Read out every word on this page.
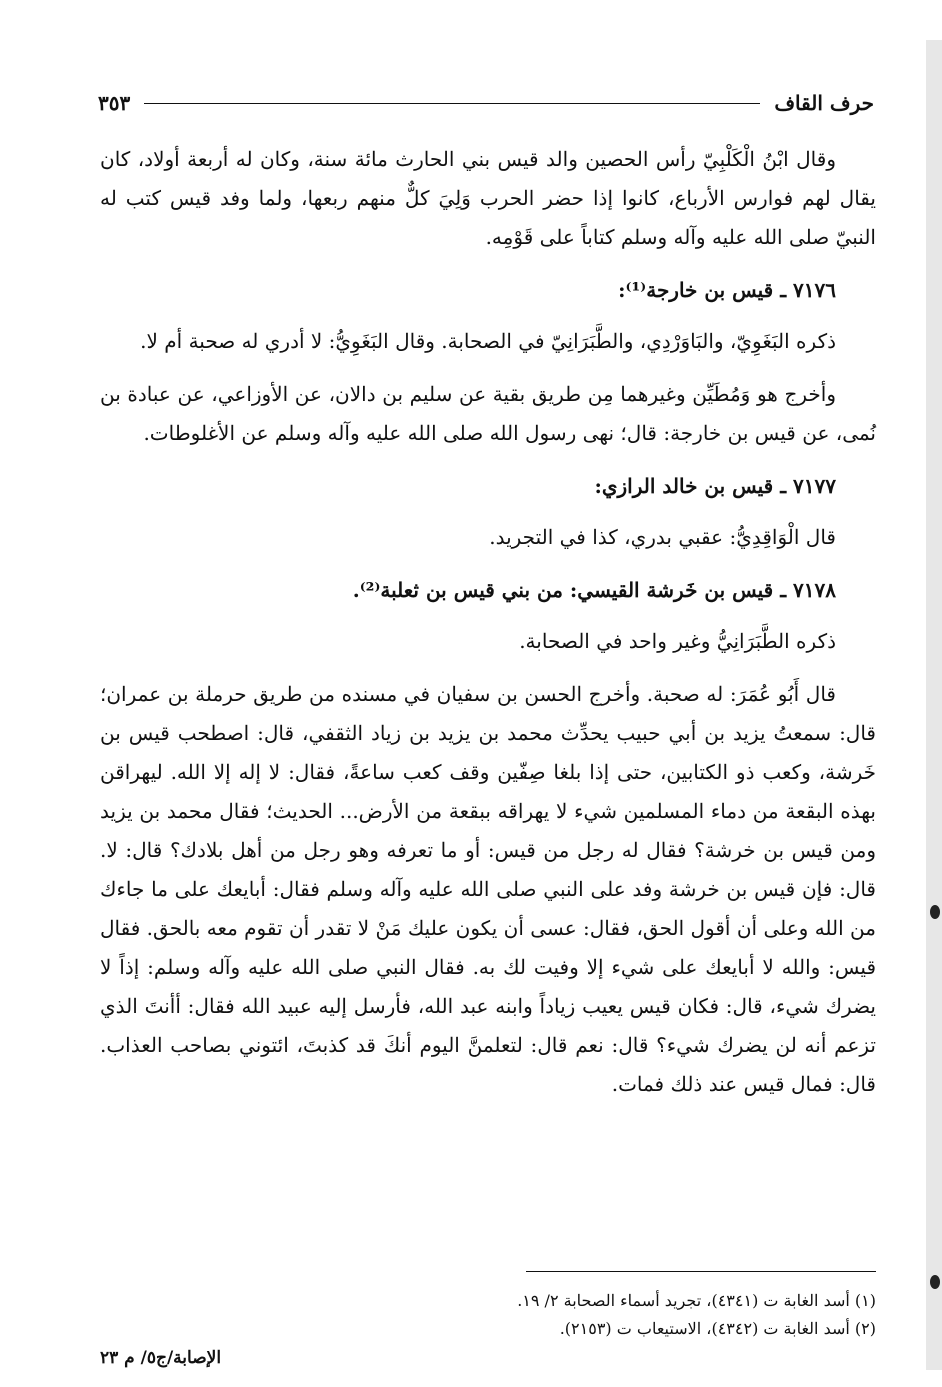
حرف القاف
٣٥٣

وقال ابْنُ الْكَلْبِيّ رأس الحصين والد قيس بني الحارث مائة سنة، وكان له أربعة أولاد، كان يقال لهم فوارس الأرباع، كانوا إذا حضر الحرب وَلِيَ كلٌّ منهم ربعها، ولما وفد قيس كتب له النبيّ صلى الله عليه وآله وسلم كتاباً على قَوْمِه.

٧١٧٦ ـ قيس بن خارجة⁽¹⁾:

ذكره البَغَوِيّ، والبَاوَرْدِي، والطَّبَرَانِيّ في الصحابة. وقال البَغَوِيُّ: لا أدري له صحبة أم لا.

وأخرج هو وَمُطَيِّن وغيرهما مِن طريق بقية عن سليم بن دالان، عن الأوزاعي، عن عبادة بن نُمى، عن قيس بن خارجة: قال؛ نهى رسول الله صلى الله عليه وآله وسلم عن الأغلوطات.

٧١٧٧ ـ قيس بن خالد الرازي:

قال الْوَاقِدِيُّ: عقبي بدري، كذا في التجريد.

٧١٧٨ ـ قيس بن خَرشة القيسي: من بني قيس بن ثعلبة⁽²⁾.

ذكره الطَّبَرَانِيُّ وغير واحد في الصحابة.

قال أَبُو عُمَرَ: له صحبة. وأخرج الحسن بن سفيان في مسنده من طريق حرملة بن عمران؛ قال: سمعتُ يزيد بن أبي حبيب يحدِّث محمد بن يزيد بن زياد الثقفي، قال: اصطحب قيس بن خَرشة، وكعب ذو الكتابين، حتى إذا بلغا صِفّين وقف كعب ساعةً، فقال: لا إله إلا الله. ليهراقن بهذه البقعة من دماء المسلمين شيء لا يهراقه ببقعة من الأرض... الحديث؛ فقال محمد بن يزيد ومن قيس بن خرشة؟ فقال له رجل من قيس: أو ما تعرفه وهو رجل من أهل بلادك؟ قال: لا. قال: فإن قيس بن خرشة وفد على النبي صلى الله عليه وآله وسلم فقال: أبايعك على ما جاءك من الله وعلى أن أقول الحق، فقال: عسى أن يكون عليك مَنْ لا تقدر أن تقوم معه بالحق. فقال قيس: والله لا أبايعك على شيء إلا وفيت لك به. فقال النبي صلى الله عليه وآله وسلم: إذاً لا يضرك شيء، قال: فكان قيس يعيب زياداً وابنه عبد الله، فأرسل إليه عبيد الله فقال: أأنتَ الذي تزعم أنه لن يضرك شيء؟ قال: نعم قال: لتعلمنَّ اليوم أنكَ قد كذبتَ، ائتوني بصاحب العذاب. قال: فمال قيس عند ذلك فمات.

(١) أسد الغابة ت (٤٣٤١)، تجريد أسماء الصحابة ٢/ ١٩.
(٢) أسد الغابة ت (٤٣٤٢)، الاستيعاب ت (٢١٥٣).
الإصابة/ج٥/ م ٢٣
